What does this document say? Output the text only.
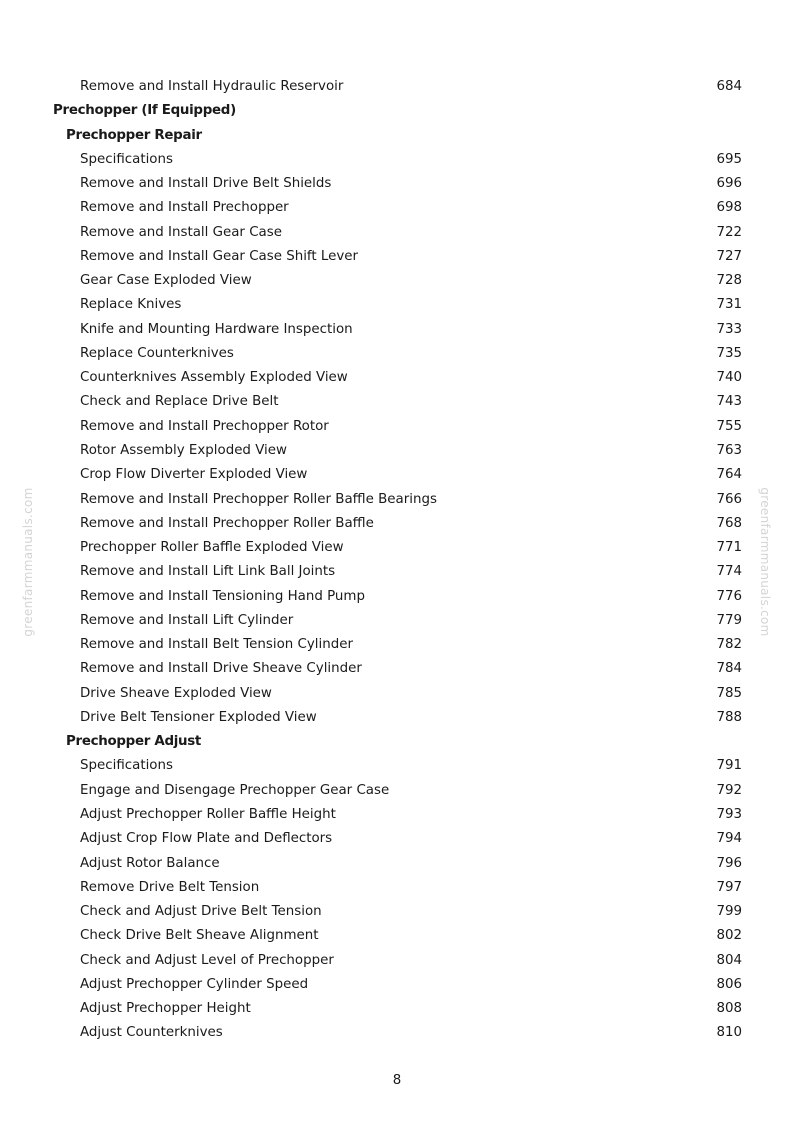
Remove and Install Hydraulic Reservoir	684
Prechopper (If Equipped)
Prechopper Repair
Specifications	695
Remove and Install Drive Belt Shields	696
Remove and Install Prechopper	698
Remove and Install Gear Case	722
Remove and Install Gear Case Shift Lever	727
Gear Case Exploded View	728
Replace Knives	731
Knife and Mounting Hardware Inspection	733
Replace Counterknives	735
Counterknives Assembly Exploded View	740
Check and Replace Drive Belt	743
Remove and Install Prechopper Rotor	755
Rotor Assembly Exploded View	763
Crop Flow Diverter Exploded View	764
Remove and Install Prechopper Roller Baffle Bearings	766
Remove and Install Prechopper Roller Baffle	768
Prechopper Roller Baffle Exploded View	771
Remove and Install Lift Link Ball Joints	774
Remove and Install Tensioning Hand Pump	776
Remove and Install Lift Cylinder	779
Remove and Install Belt Tension Cylinder	782
Remove and Install Drive Sheave Cylinder	784
Drive Sheave Exploded View	785
Drive Belt Tensioner Exploded View	788
Prechopper Adjust
Specifications	791
Engage and Disengage Prechopper Gear Case	792
Adjust Prechopper Roller Baffle Height	793
Adjust Crop Flow Plate and Deflectors	794
Adjust Rotor Balance	796
Remove Drive Belt Tension	797
Check and Adjust Drive Belt Tension	799
Check Drive Belt Sheave Alignment	802
Check and Adjust Level of Prechopper	804
Adjust Prechopper Cylinder Speed	806
Adjust Prechopper Height	808
Adjust Counterknives	810
greenfarmmanuals.com	greenfarmmanuals.com
8
